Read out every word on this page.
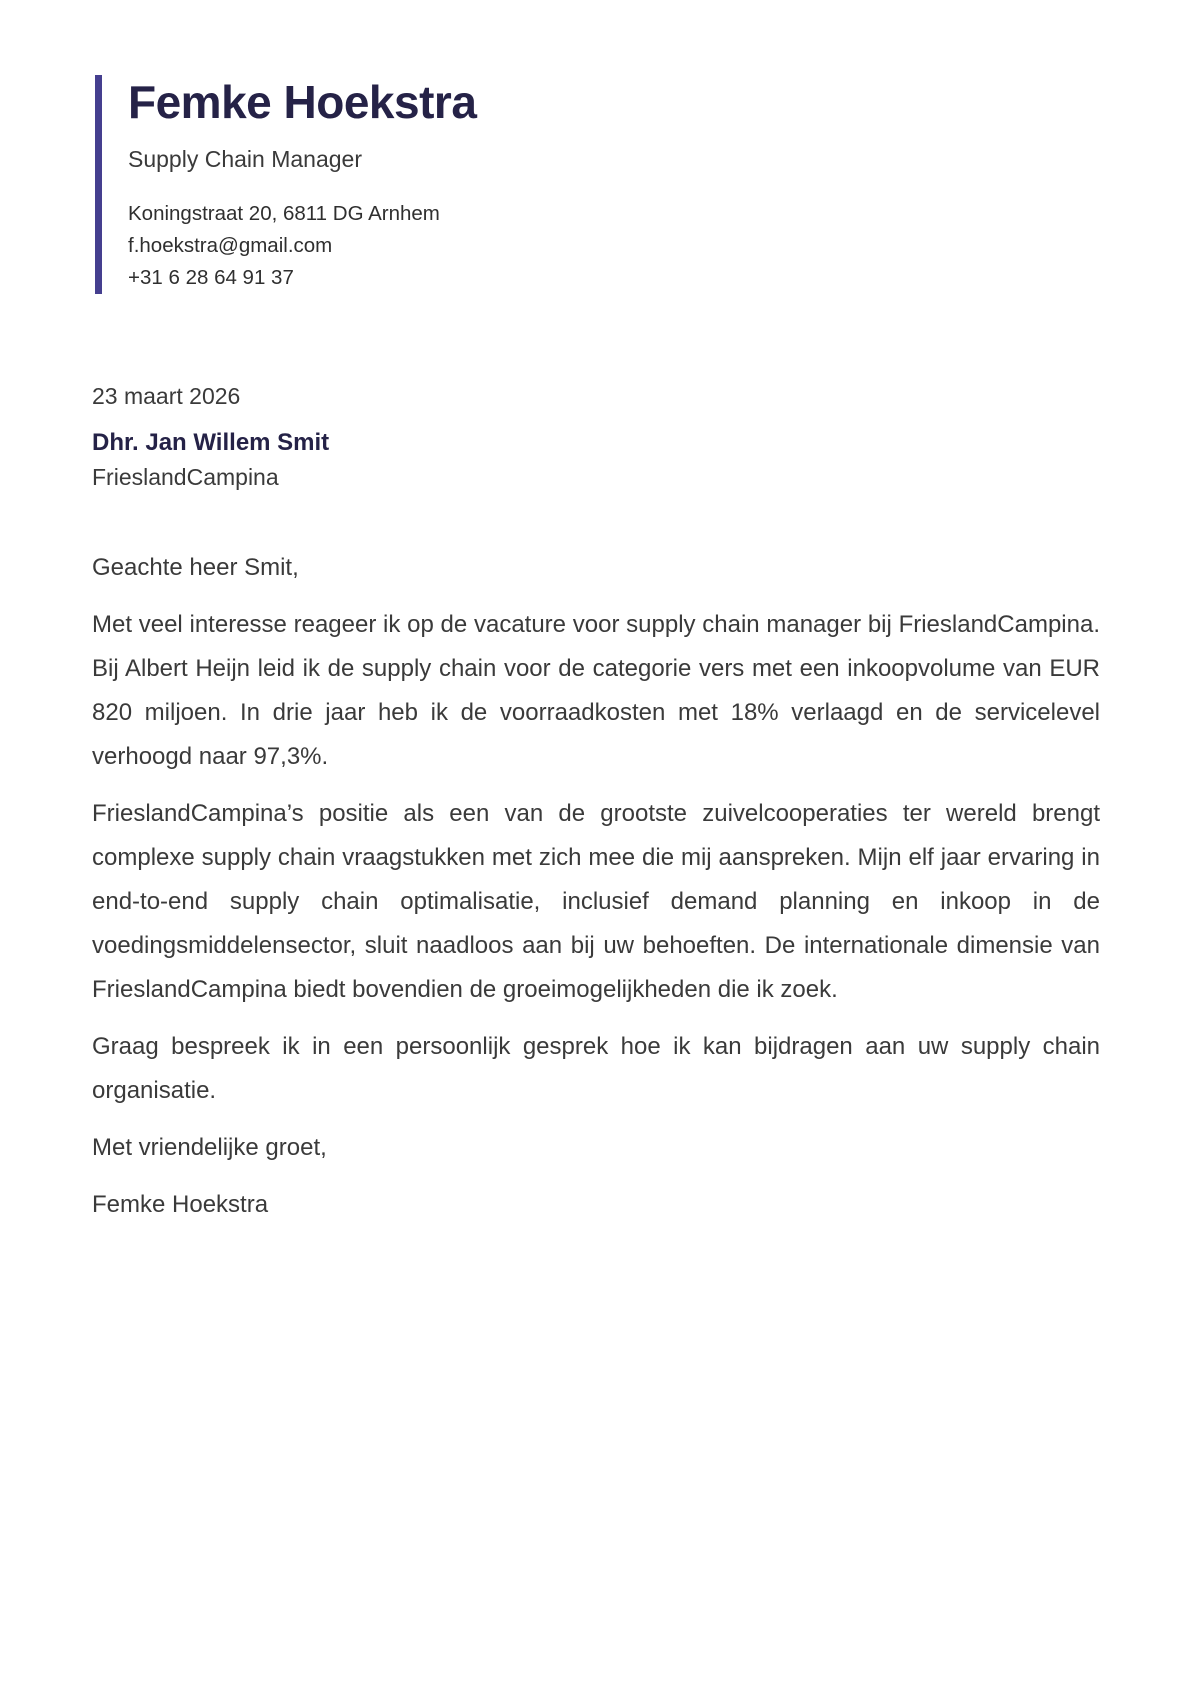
Femke Hoekstra
Supply Chain Manager
Koningstraat 20, 6811 DG Arnhem
f.hoekstra@gmail.com
+31 6 28 64 91 37
23 maart 2026
Dhr. Jan Willem Smit
FrieslandCampina

Geachte heer Smit,

Met veel interesse reageer ik op de vacature voor supply chain manager bij FrieslandCampina. Bij Albert Heijn leid ik de supply chain voor de categorie vers met een inkoopvolume van EUR 820 miljoen. In drie jaar heb ik de voorraadkosten met 18% verlaagd en de servicelevel verhoogd naar 97,3%.

FrieslandCampina’s positie als een van de grootste zuivelcooperaties ter wereld brengt complexe supply chain vraagstukken met zich mee die mij aanspreken. Mijn elf jaar ervaring in end-to-end supply chain optimalisatie, inclusief demand planning en inkoop in de voedingsmiddelensector, sluit naadloos aan bij uw behoeften. De internationale dimensie van FrieslandCampina biedt bovendien de groeimogelijkheden die ik zoek.

Graag bespreek ik in een persoonlijk gesprek hoe ik kan bijdragen aan uw supply chain organisatie.

Met vriendelijke groet,

Femke Hoekstra
